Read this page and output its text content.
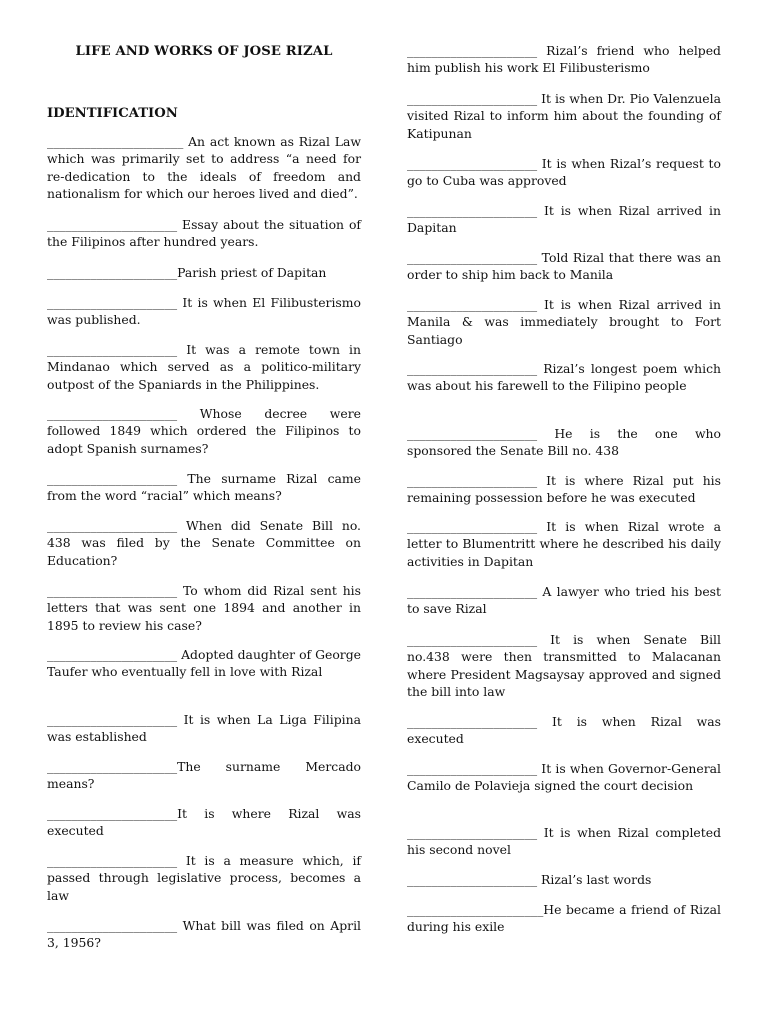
LIFE AND WORKS OF JOSE RIZAL
IDENTIFICATION

______________________ An act known as Rizal Law which was primarily set to address “a need for re-dedication to the ideals of freedom and nationalism for which our heroes lived and died”.

_____________________ Essay about the situation of the Filipinos after hundred years.

_____________________Parish priest of Dapitan

_____________________ It is when El Filibusterismo was published.

_____________________ It was a remote town in Mindanao which served as a politico-military outpost of the Spaniards in the Philippines.

_____________________ Whose decree were followed 1849 which ordered the Filipinos to adopt Spanish surnames?

_____________________ The surname Rizal came from the word “racial” which means?

_____________________ When did Senate Bill no. 438 was filed by the Senate Committee on Education?

_____________________ To whom did Rizal sent his letters that was sent one 1894 and another in 1895 to review his case?

_____________________ Adopted daughter of George Taufer who eventually fell in love with Rizal

_____________________ It is when La Liga Filipina was established

_____________________The surname Mercado means?

_____________________It is where Rizal was executed

_____________________ It is a measure which, if passed through legislative process, becomes a law

_____________________ What bill was filed on April 3, 1956?

_____________________ Rizal’s friend who helped him publish his work El Filibusterismo

_____________________ It is when Dr. Pio Valenzuela visited Rizal to inform him about the founding of Katipunan

_____________________ It is when Rizal’s request to go to Cuba was approved

_____________________ It is when Rizal arrived in Dapitan

_____________________ Told Rizal that there was an order to ship him back to Manila

_____________________ It is when Rizal arrived in Manila & was immediately brought to Fort Santiago

_____________________ Rizal’s longest poem which was about his farewell to the Filipino people

_____________________ He is the one who sponsored the Senate Bill no. 438

_____________________ It is where Rizal put his remaining possession before he was executed

_____________________ It is when Rizal wrote a letter to Blumentritt where he described his daily activities in Dapitan

_____________________ A lawyer who tried his best to save Rizal

_____________________ It is when Senate Bill no.438 were then transmitted to Malacanan where President Magsaysay approved and signed the bill into law

_____________________ It is when Rizal was executed

_____________________ It is when Governor-General Camilo de Polavieja signed the court decision

_____________________ It is when Rizal completed his second novel

_____________________ Rizal’s last words

______________________He became a friend of Rizal during his exile
